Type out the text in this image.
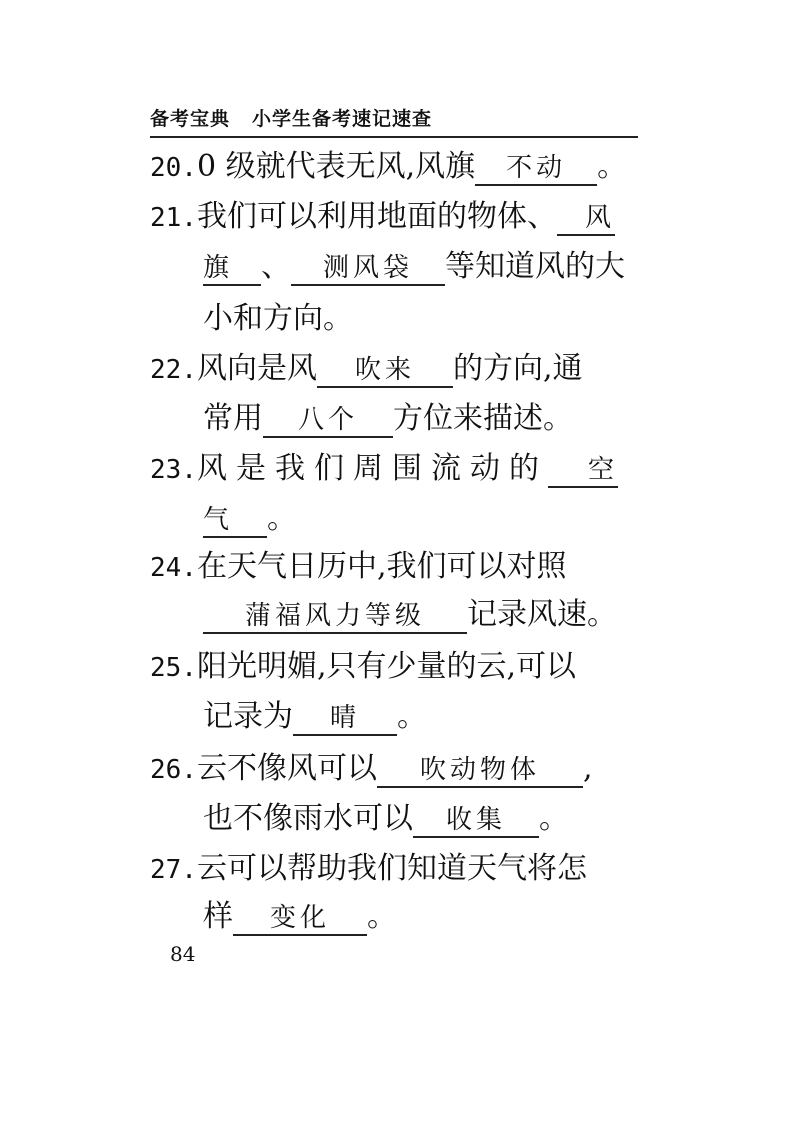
备考宝典 小学生备考速记速查
20.0 级就代表无风,风旗 不动 。
21.我们可以利用地面的物体、 风
旗 、 测风袋 等知道风的大
小和方向。
22.风向是风 吹来 的方向,通
常用 八个 方位来描述。
23.风是我们周围流动的 空
气 。
24.在天气日历中,我们可以对照
蒲福风力等级 记录风速。
25.阳光明媚,只有少量的云,可以
记录为 晴 。
26.云不像风可以 吹动物体 ,
也不像雨水可以 收集 。
27.云可以帮助我们知道天气将怎
样 变化 。
84
